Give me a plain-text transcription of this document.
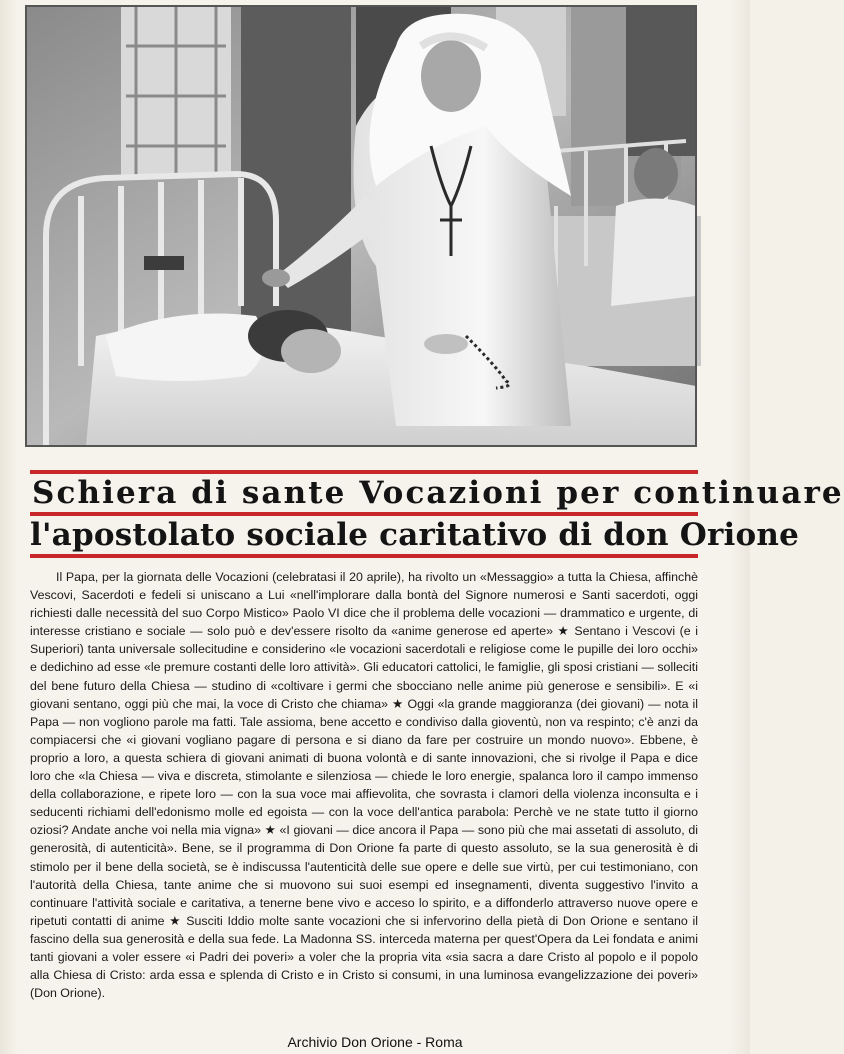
Schiera di sante Vocazioni per continuare
l'apostolato sociale caritativo di don Orione
Il Papa, per la giornata delle Vocazioni (celebratasi il 20 aprile), ha rivolto un «Messaggio» a tutta la Chiesa, affinchè Vescovi, Sacerdoti e fedeli si uniscano a Lui «nell'implorare dalla bontà del Signore numerosi e Santi sacerdoti, oggi richiesti dalle necessità del suo Corpo Mistico» Paolo VI dice che il problema delle vocazioni — drammatico e urgente, di interesse cristiano e sociale — solo può e dev'essere risolto da «anime generose ed aperte» ★ Sentano i Vescovi (e i Superiori) tanta universale sollecitudine e considerino «le vocazioni sacerdotali e religiose come le pupille dei loro occhi» e dedichino ad esse «le premure costanti delle loro attività». Gli educatori cattolici, le famiglie, gli sposi cristiani — solleciti del bene futuro della Chiesa — studino di «coltivare i germi che sbocciano nelle anime più generose e sensibili». E «i giovani sentano, oggi più che mai, la voce di Cristo che chiama» ★ Oggi «la grande maggioranza (dei giovani) — nota il Papa — non vogliono parole ma fatti. Tale assioma, bene accetto e condiviso dalla gioventù, non va respinto; c'è anzi da compiacersi che «i giovani vogliano pagare di persona e si diano da fare per costruire un mondo nuovo». Ebbene, è proprio a loro, a questa schiera di giovani animati di buona volontà e di sante innovazioni, che si rivolge il Papa e dice loro che «la Chiesa — viva e discreta, stimolante e silenziosa — chiede le loro energie, spalanca loro il campo immenso della collaborazione, e ripete loro — con la sua voce mai affievolita, che sovrasta i clamori della violenza inconsulta e i seducenti richiami dell'edonismo molle ed egoista — con la voce dell'antica parabola: Perchè ve ne state tutto il giorno oziosi? Andate anche voi nella mia vigna» ★ «I giovani — dice ancora il Papa — sono più che mai assetati di assoluto, di generosità, di autenticità». Bene, se il programma di Don Orione fa parte di questo assoluto, se la sua generosità è di stimolo per il bene della società, se è indiscussa l'autenticità delle sue opere e delle sue virtù, per cui testimoniano, con l'autorità della Chiesa, tante anime che si muovono sui suoi esempi ed insegnamenti, diventa suggestivo l'invito a continuare l'attività sociale e caritativa, a tenerne bene vivo e acceso lo spirito, e a diffonderlo attraverso nuove opere e ripetuti contatti di anime ★ Susciti Iddio molte sante vocazioni che si infervorino della pietà di Don Orione e sentano il fascino della sua generosità e della sua fede. La Madonna SS. interceda materna per quest'Opera da Lei fondata e animi tanti giovani a voler essere «i Padri dei poveri» a voler che la propria vita «sia sacra a dare Cristo al popolo e il popolo alla Chiesa di Cristo: arda essa e splenda di Cristo e in Cristo si consumi, in una luminosa evangelizzazione dei poveri» (Don Orione).
Archivio Don Orione - Roma
